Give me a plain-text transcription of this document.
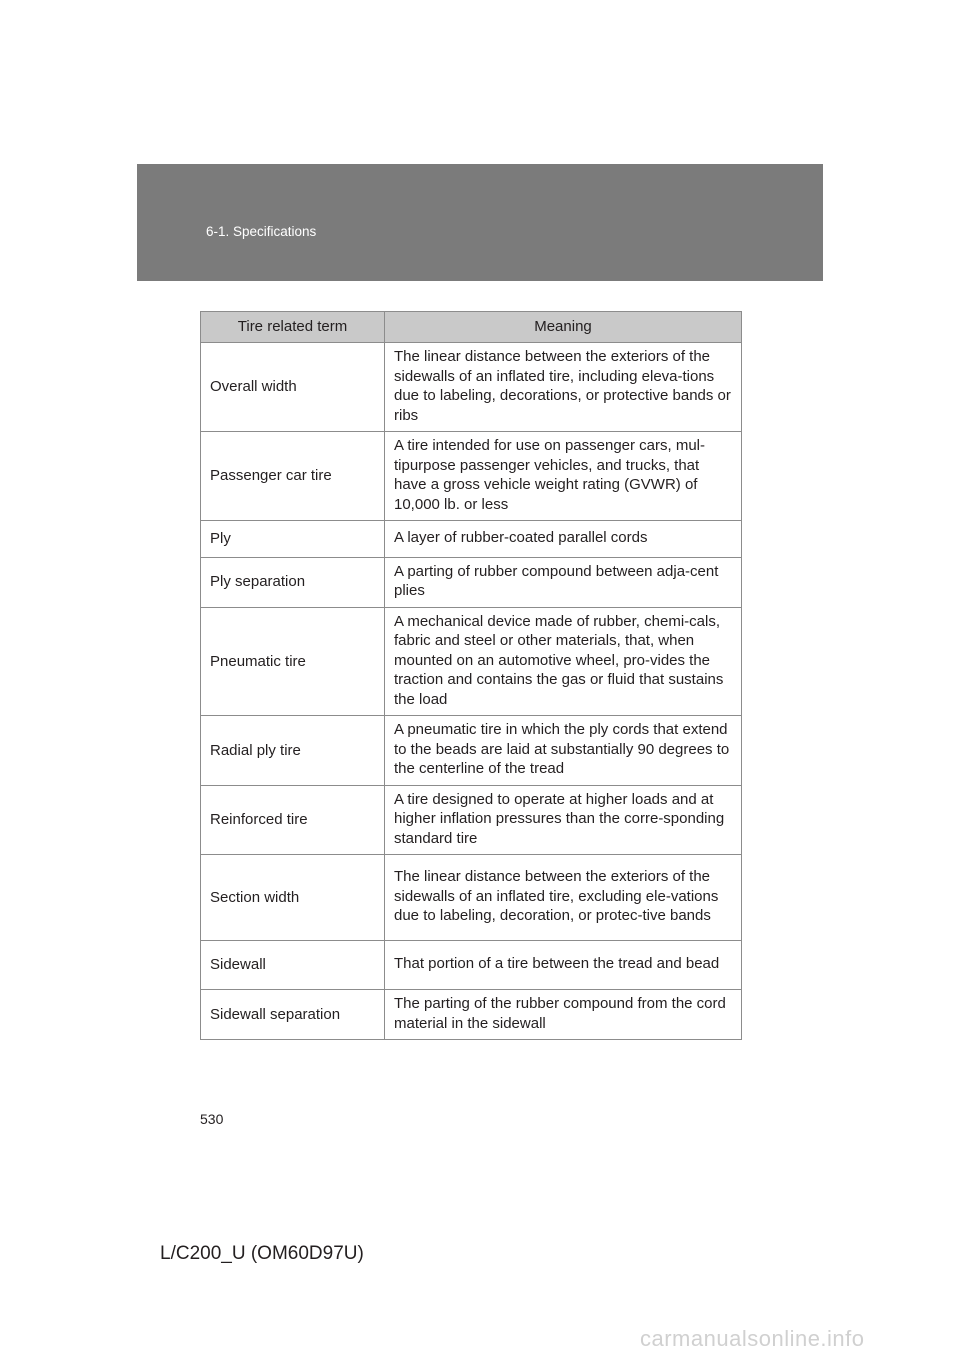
6-1. Specifications
Tire related term	Meaning
Overall width	The linear distance between the exteriors of the sidewalls of an inflated tire, including eleva-tions due to labeling, decorations, or protective bands or ribs
Passenger car tire	A tire intended for use on passenger cars, mul-tipurpose passenger vehicles, and trucks, that have a gross vehicle weight rating (GVWR) of 10,000 lb. or less
Ply	A layer of rubber-coated parallel cords
Ply separation	A parting of rubber compound between adja-cent plies
Pneumatic tire	A mechanical device made of rubber, chemi-cals, fabric and steel or other materials, that, when mounted on an automotive wheel, pro-vides the traction and contains the gas or fluid that sustains the load
Radial ply tire	A pneumatic tire in which the ply cords that extend to the beads are laid at substantially 90 degrees to the centerline of the tread
Reinforced tire	A tire designed to operate at higher loads and at higher inflation pressures than the corre-sponding standard tire
Section width	The linear distance between the exteriors of the sidewalls of an inflated tire, excluding ele-vations due to labeling, decoration, or protec-tive bands
Sidewall	That portion of a tire between the tread and bead
Sidewall separation	The parting of the rubber compound from the cord material in the sidewall
530
L/C200_U (OM60D97U)
carmanualsonline.info
